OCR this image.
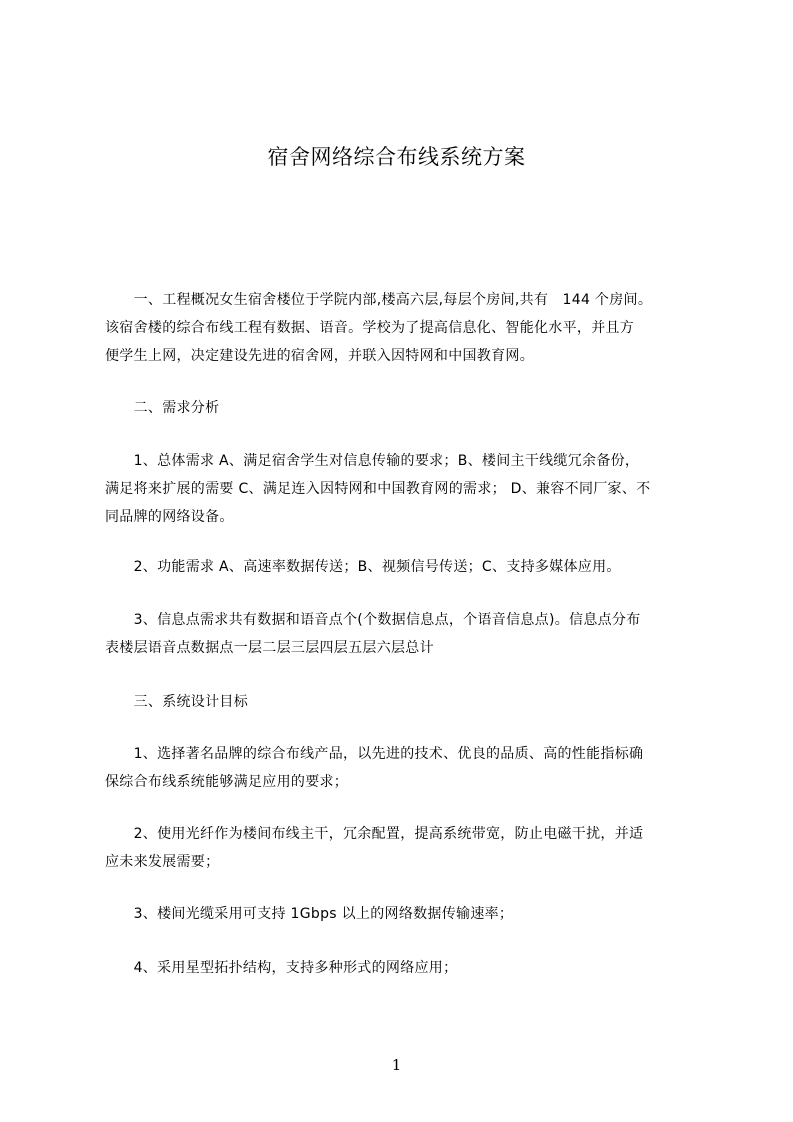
宿舍网络综合布线系统方案
　　一、工程概况女生宿舍楼位于学院内部,楼高六层,每层个房间,共有　144 个房间。
该宿舍楼的综合布线工程有数据、语音。学校为了提高信息化、智能化水平，并且方
便学生上网，决定建设先进的宿舍网，并联入因特网和中国教育网。
　　二、需求分析
　　1、总体需求 A、满足宿舍学生对信息传输的要求；B、楼间主干线缆冗余备份，
满足将来扩展的需要 C、满足连入因特网和中国教育网的需求； D、兼容不同厂家、不
同品牌的网络设备。
　　2、功能需求 A、高速率数据传送；B、视频信号传送；C、支持多媒体应用。
　　3、信息点需求共有数据和语音点个(个数据信息点，个语音信息点)。信息点分布
表楼层语音点数据点一层二层三层四层五层六层总计
　　三、系统设计目标
　　1、选择著名品牌的综合布线产品，以先进的技术、优良的品质、高的性能指标确
保综合布线系统能够满足应用的要求；
　　2、使用光纤作为楼间布线主干，冗余配置，提高系统带宽，防止电磁干扰，并适
应未来发展需要；
　　3、楼间光缆采用可支持 1Gbps 以上的网络数据传输速率；
　　4、采用星型拓扑结构，支持多种形式的网络应用；
1
